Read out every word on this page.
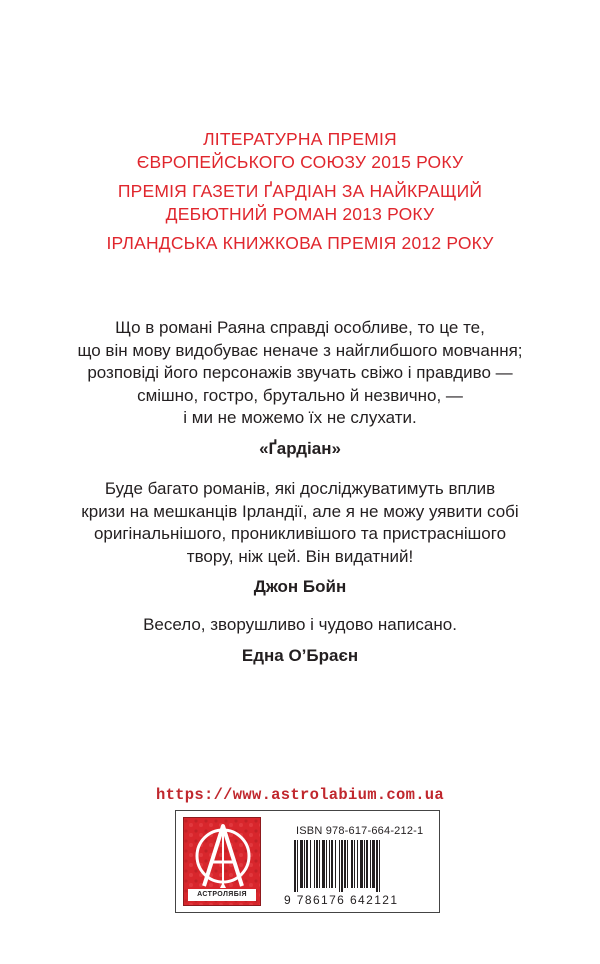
ЛІТЕРАТУРНА ПРЕМІЯ
ЄВРОПЕЙСЬКОГО СОЮЗУ 2015 РОКУ
ПРЕМІЯ ГАЗЕТИ ҐАРДІАН ЗА НАЙКРАЩИЙ
ДЕБЮТНИЙ РОМАН 2013 РОКУ
ІРЛАНДСЬКА КНИЖКОВА ПРЕМІЯ 2012 РОКУ
Що в романі Раяна справді особливе, то це те,
що він мову видобуває неначе з найглибшого мовчання;
розповіді його персонажів звучать свіжо і правдиво —
смішно, гостро, брутально й незвично, —
і ми не можемо їх не слухати.
«Ґардіан»
Буде багато романів, які досліджуватимуть вплив
кризи на мешканців Ірландії, але я не можу уявити собі
оригінальнішого, проникливішого та пристраснішого
твору, ніж цей. Він видатний!
Джон Бойн
Весело, зворушливо і чудово написано.
Една О’Браєн
https://www.astrolabium.com.ua
АСТРОЛЯБІЯ
ISBN 978-617-664-212-1
9 786176 642121
